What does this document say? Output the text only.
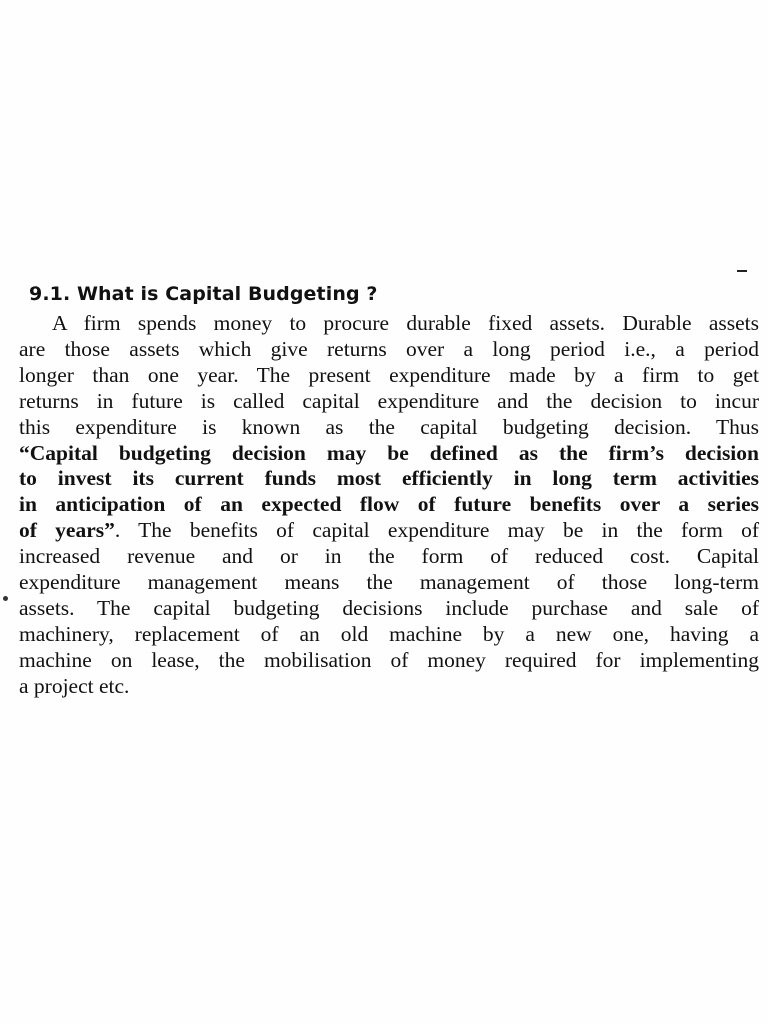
9.1. What is Capital Budgeting ?
A firm spends money to procure durable fixed assets. Durable assets
are those assets which give returns over a long period i.e., a period
longer than one year. The present expenditure made by a firm to get
returns in future is called capital expenditure and the decision to incur
this expenditure is known as the capital budgeting decision. Thus
“Capital budgeting decision may be defined as the firm’s decision
to invest its current funds most efficiently in long term activities
in anticipation of an expected flow of future benefits over a series
of years”. The benefits of capital expenditure may be in the form of
increased revenue and or in the form of reduced cost. Capital
expenditure management means the management of those long-term
assets. The capital budgeting decisions include purchase and sale of
machinery, replacement of an old machine by a new one, having a
machine on lease, the mobilisation of money required for implementing
a project etc.
